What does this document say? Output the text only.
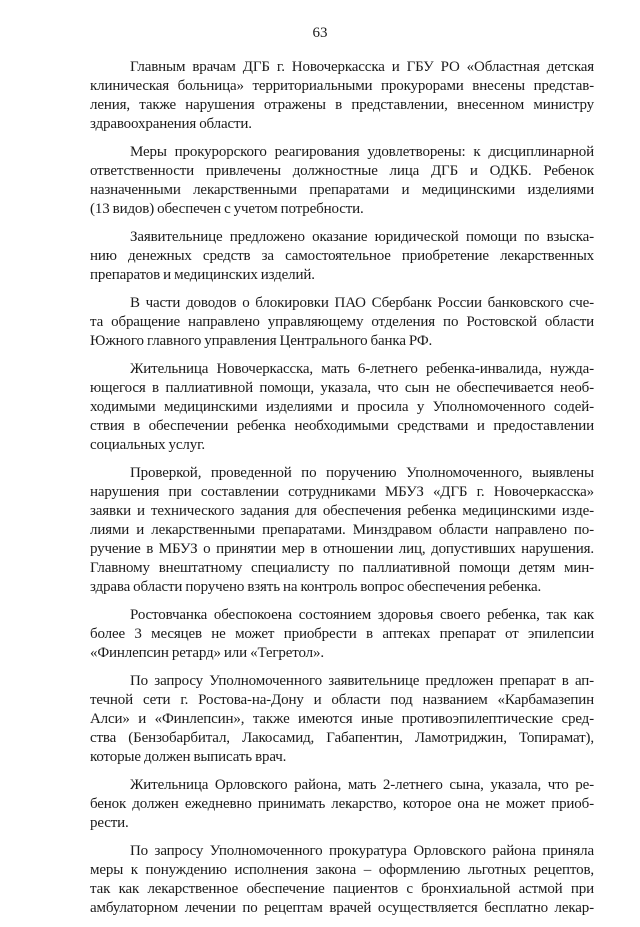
63

Главным врачам ДГБ г. Новочеркасска и ГБУ РО «Областная детская
клиническая больница» территориальными прокурорами внесены представ-
ления, также нарушения отражены в представлении, внесенном министру
здравоохранения области.

Меры прокурорского реагирования удовлетворены: к дисциплинарной
ответственности привлечены должностные лица ДГБ и ОДКБ. Ребенок
назначенными лекарственными препаратами и медицинскими изделиями
(13 видов) обеспечен с учетом потребности.

Заявительнице предложено оказание юридической помощи по взыска-
нию денежных средств за самостоятельное приобретение лекарственных
препаратов и медицинских изделий.

В части доводов о блокировки ПАО Сбербанк России банковского сче-
та обращение направлено управляющему отделения по Ростовской области
Южного главного управления Центрального банка РФ.

Жительница Новочеркасска, мать 6-летнего ребенка-инвалида, нужда-
ющегося в паллиативной помощи, указала, что сын не обеспечивается необ-
ходимыми медицинскими изделиями и просила у Уполномоченного содей-
ствия в обеспечении ребенка необходимыми средствами и предоставлении
социальных услуг.

Проверкой, проведенной по поручению Уполномоченного, выявлены
нарушения при составлении сотрудниками МБУЗ «ДГБ г. Новочеркасска»
заявки и технического задания для обеспечения ребенка медицинскими изде-
лиями и лекарственными препаратами. Минздравом области направлено по-
ручение в МБУЗ о принятии мер в отношении лиц, допустивших нарушения.
Главному внештатному специалисту по паллиативной помощи детям мин-
здрава области поручено взять на контроль вопрос обеспечения ребенка.

Ростовчанка обеспокоена состоянием здоровья своего ребенка, так как
более 3 месяцев не может приобрести в аптеках препарат от эпилепсии
«Финлепсин ретард» или «Тегретол».

По запросу Уполномоченного заявительнице предложен препарат в ап-
течной сети г. Ростова-на-Дону и области под названием «Карбамазепин
Алси» и «Финлепсин», также имеются иные противоэпилептические сред-
ства (Бензобарбитал, Лакосамид, Габапентин, Ламотриджин, Топирамат),
которые должен выписать врач.

Жительница Орловского района, мать 2-летнего сына, указала, что ре-
бенок должен ежедневно принимать лекарство, которое она не может приоб-
рести.

По запросу Уполномоченного прокуратура Орловского района приняла
меры к понуждению исполнения закона – оформлению льготных рецептов,
так как лекарственное обеспечение пациентов с бронхиальной астмой при
амбулаторном лечении по рецептам врачей осуществляется бесплатно лекар-
